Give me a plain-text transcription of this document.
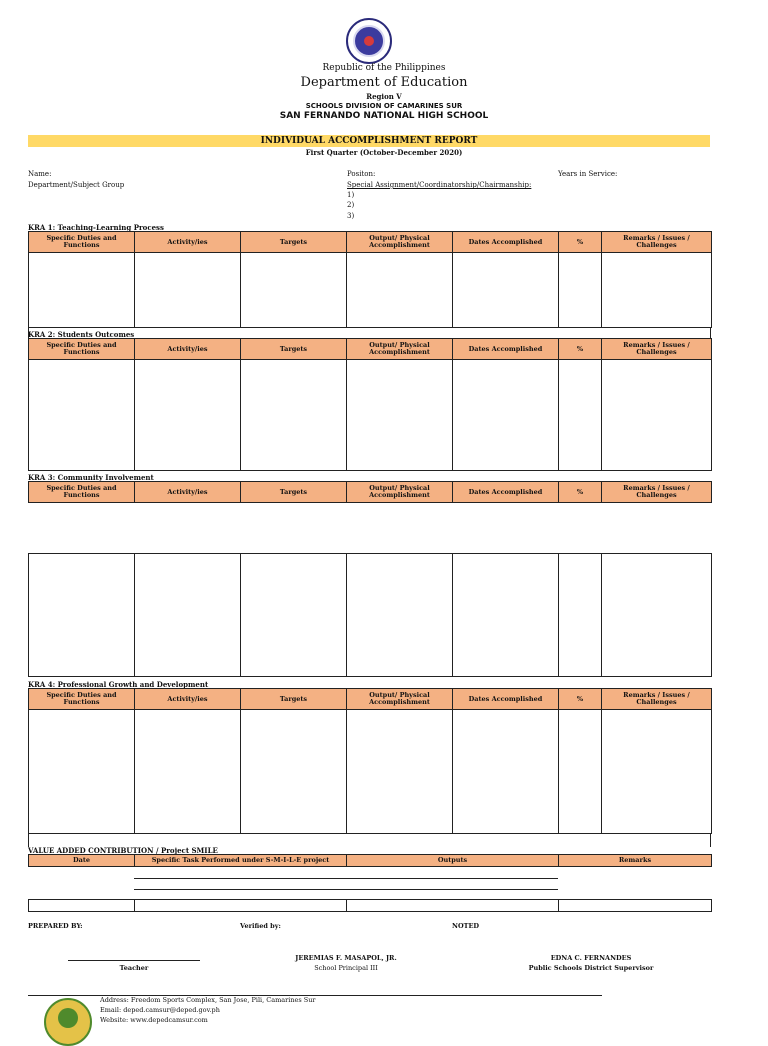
Republic of the Philippines
Department of Education
Region V
SCHOOLS DIVISION OF CAMARINES SUR
SAN FERNANDO NATIONAL HIGH SCHOOL
INDIVIDUAL ACCOMPLISHMENT REPORT
First Quarter (October-December 2020)
Name:
Department/Subject Group
Positon:	Years in Service:
Special Assignment/Coordinatorship/Chairmanship:
1)
2)
3)
KRA 1: Teaching-Learning Process
Specific Duties and Functions	Activity/ies	Targets	Output/ Physical Accomplishment	Dates Accomplished	%	Remarks / Issues / Challenges

KRA 2: Students Outcomes
Specific Duties and Functions	Activity/ies	Targets	Output/ Physical Accomplishment	Dates Accomplished	%	Remarks / Issues / Challenges

KRA 3: Community Involvement
Specific Duties and Functions	Activity/ies	Targets	Output/ Physical Accomplishment	Dates Accomplished	%	Remarks / Issues / Challenges

KRA 4: Professional Growth and Development
Specific Duties and Functions	Activity/ies	Targets	Output/ Physical Accomplishment	Dates Accomplished	%	Remarks / Issues / Challenges

VALUE ADDED CONTRIBUTION / Project SMILE
Date	Specific Task Performed under S-M-I-L-E project	Outputs	Remarks

PREPARED BY:	Verified by:	NOTED
Teacher
JEREMIAS F. MASAPOL, JR.
School Principal III
EDNA C. FERNANDES
Public Schools District Supervisor
Address: Freedom Sports Complex, San Jose, Pili, Camarines Sur
Email: deped.camsur@deped.gov.ph
Website: www.depedcamsur.com
